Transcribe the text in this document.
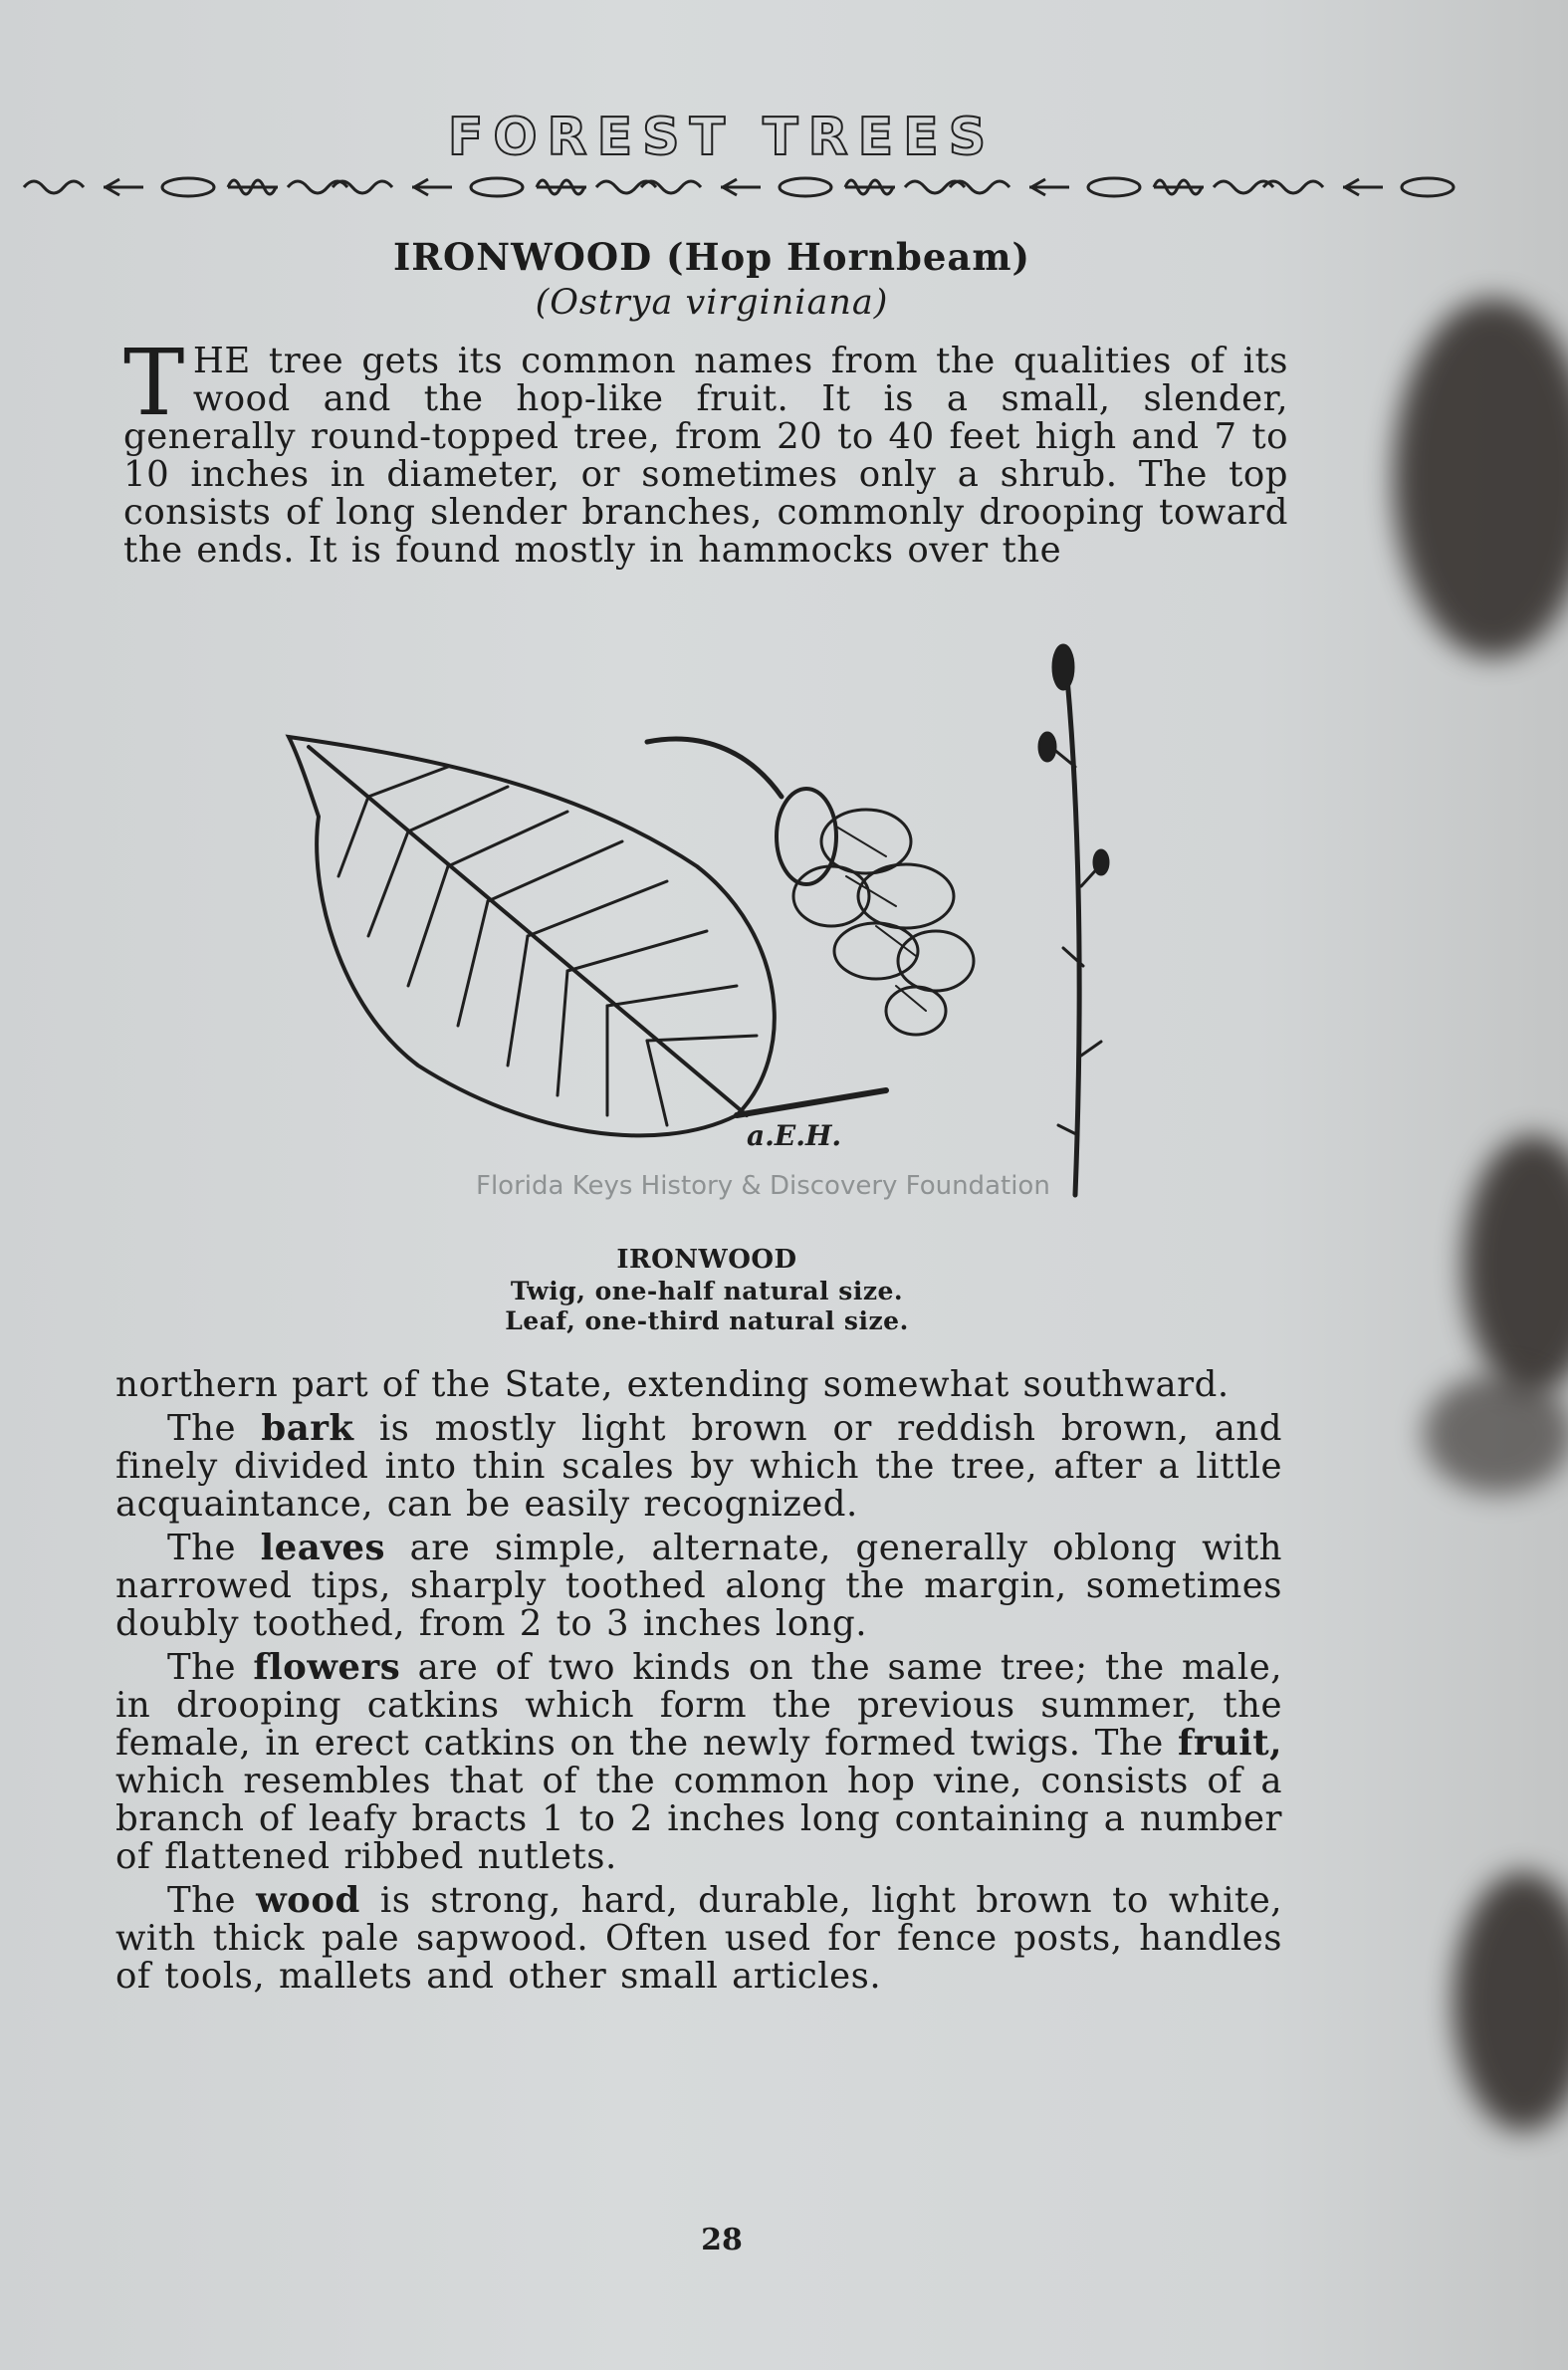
FOREST TREES
IRONWOOD (Hop Hornbeam)
(Ostrya virginiana)
THE tree gets its common names from the qualities of its wood and the hop-like fruit. It is a small, slender, generally round-topped tree, from 20 to 40 feet high and 7 to 10 inches in diameter, or sometimes only a shrub. The top consists of long slender branches, commonly drooping toward the ends. It is found mostly in hammocks over the
a.E.H.
Florida Keys History & Discovery Foundation
IRONWOOD
Twig, one-half natural size.
Leaf, one-third natural size.

northern part of the State, extending somewhat southward.

The bark is mostly light brown or reddish brown, and finely divided into thin scales by which the tree, after a little acquaintance, can be easily recognized.

The leaves are simple, alternate, generally oblong with narrowed tips, sharply toothed along the margin, sometimes doubly toothed, from 2 to 3 inches long.

The flowers are of two kinds on the same tree; the male, in drooping catkins which form the previous summer, the female, in erect catkins on the newly formed twigs. The fruit, which resembles that of the common hop vine, consists of a branch of leafy bracts 1 to 2 inches long containing a number of flattened ribbed nutlets.

The wood is strong, hard, durable, light brown to white, with thick pale sapwood. Often used for fence posts, handles of tools, mallets and other small articles.

28
